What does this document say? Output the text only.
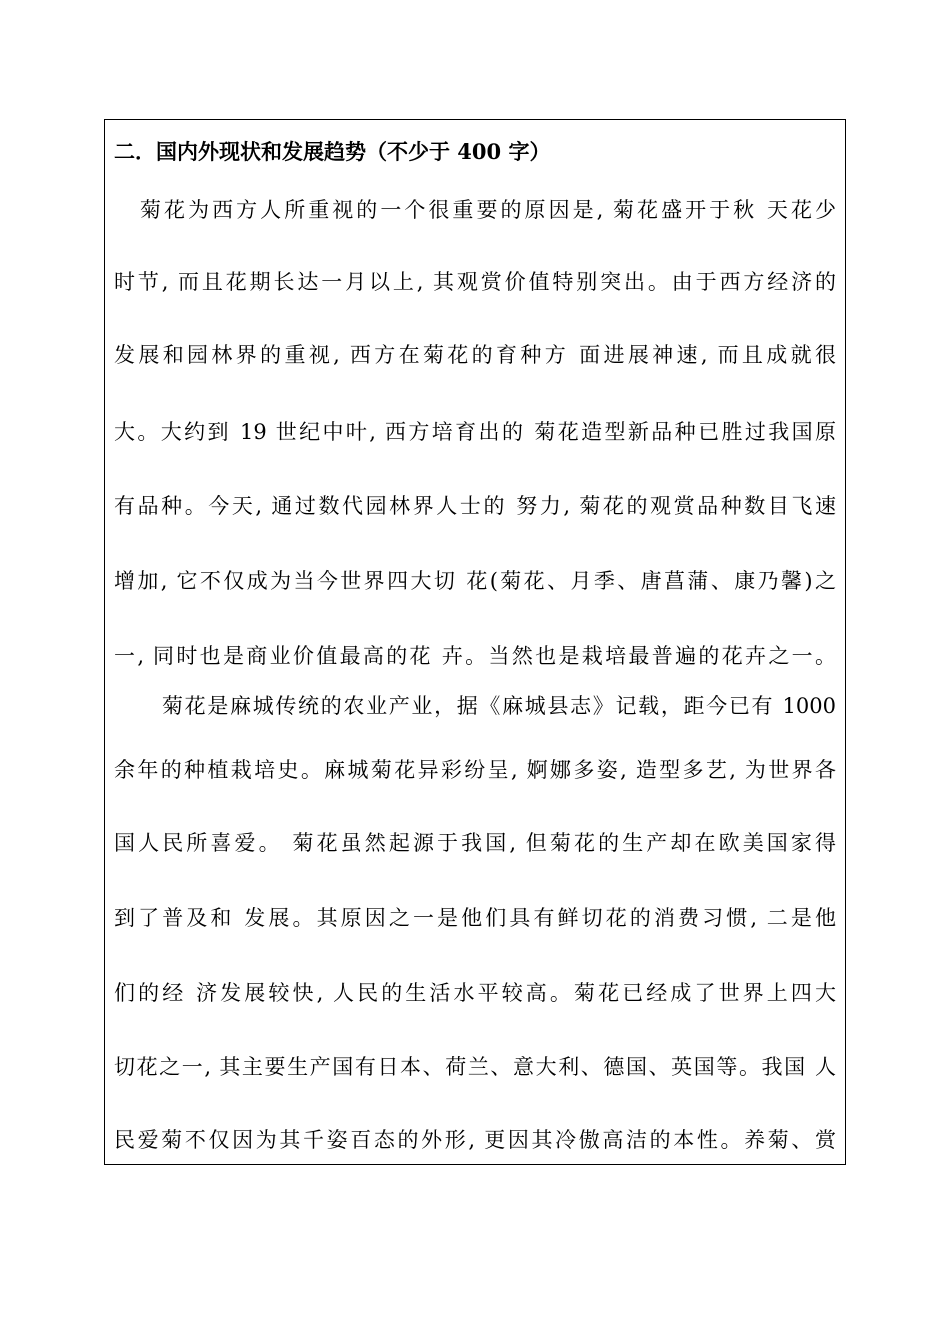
二．国内外现状和发展趋势（不少于 400 字）
菊花为西方人所重视的一个很重要的原因是, 菊花盛开于秋 天花少
时节, 而且花期长达一月以上, 其观赏价值特别突出。由于西方经济的
发展和园林界的重视, 西方在菊花的育种方 面进展神速, 而且成就很
大。大约到 19 世纪中叶, 西方培育出的 菊花造型新品种已胜过我国原
有品种。今天, 通过数代园林界人士的 努力, 菊花的观赏品种数目飞速
增加, 它不仅成为当今世界四大切 花(菊花、月季、唐菖蒲、康乃馨)之
一, 同时也是商业价值最高的花 卉。当然也是栽培最普遍的花卉之一。
菊花是麻城传统的农业产业，据《麻城县志》记载，距今已有 1000
余年的种植栽培史。麻城菊花异彩纷呈, 婀娜多姿, 造型多艺, 为世界各
国人民所喜爱。 菊花虽然起源于我国, 但菊花的生产却在欧美国家得
到了普及和 发展。其原因之一是他们具有鲜切花的消费习惯, 二是他
们的经 济发展较快, 人民的生活水平较高。菊花已经成了世界上四大
切花之一, 其主要生产国有日本、荷兰、意大利、德国、英国等。我国 人
民爱菊不仅因为其千姿百态的外形, 更因其冷傲高洁的本性。养菊、赏
